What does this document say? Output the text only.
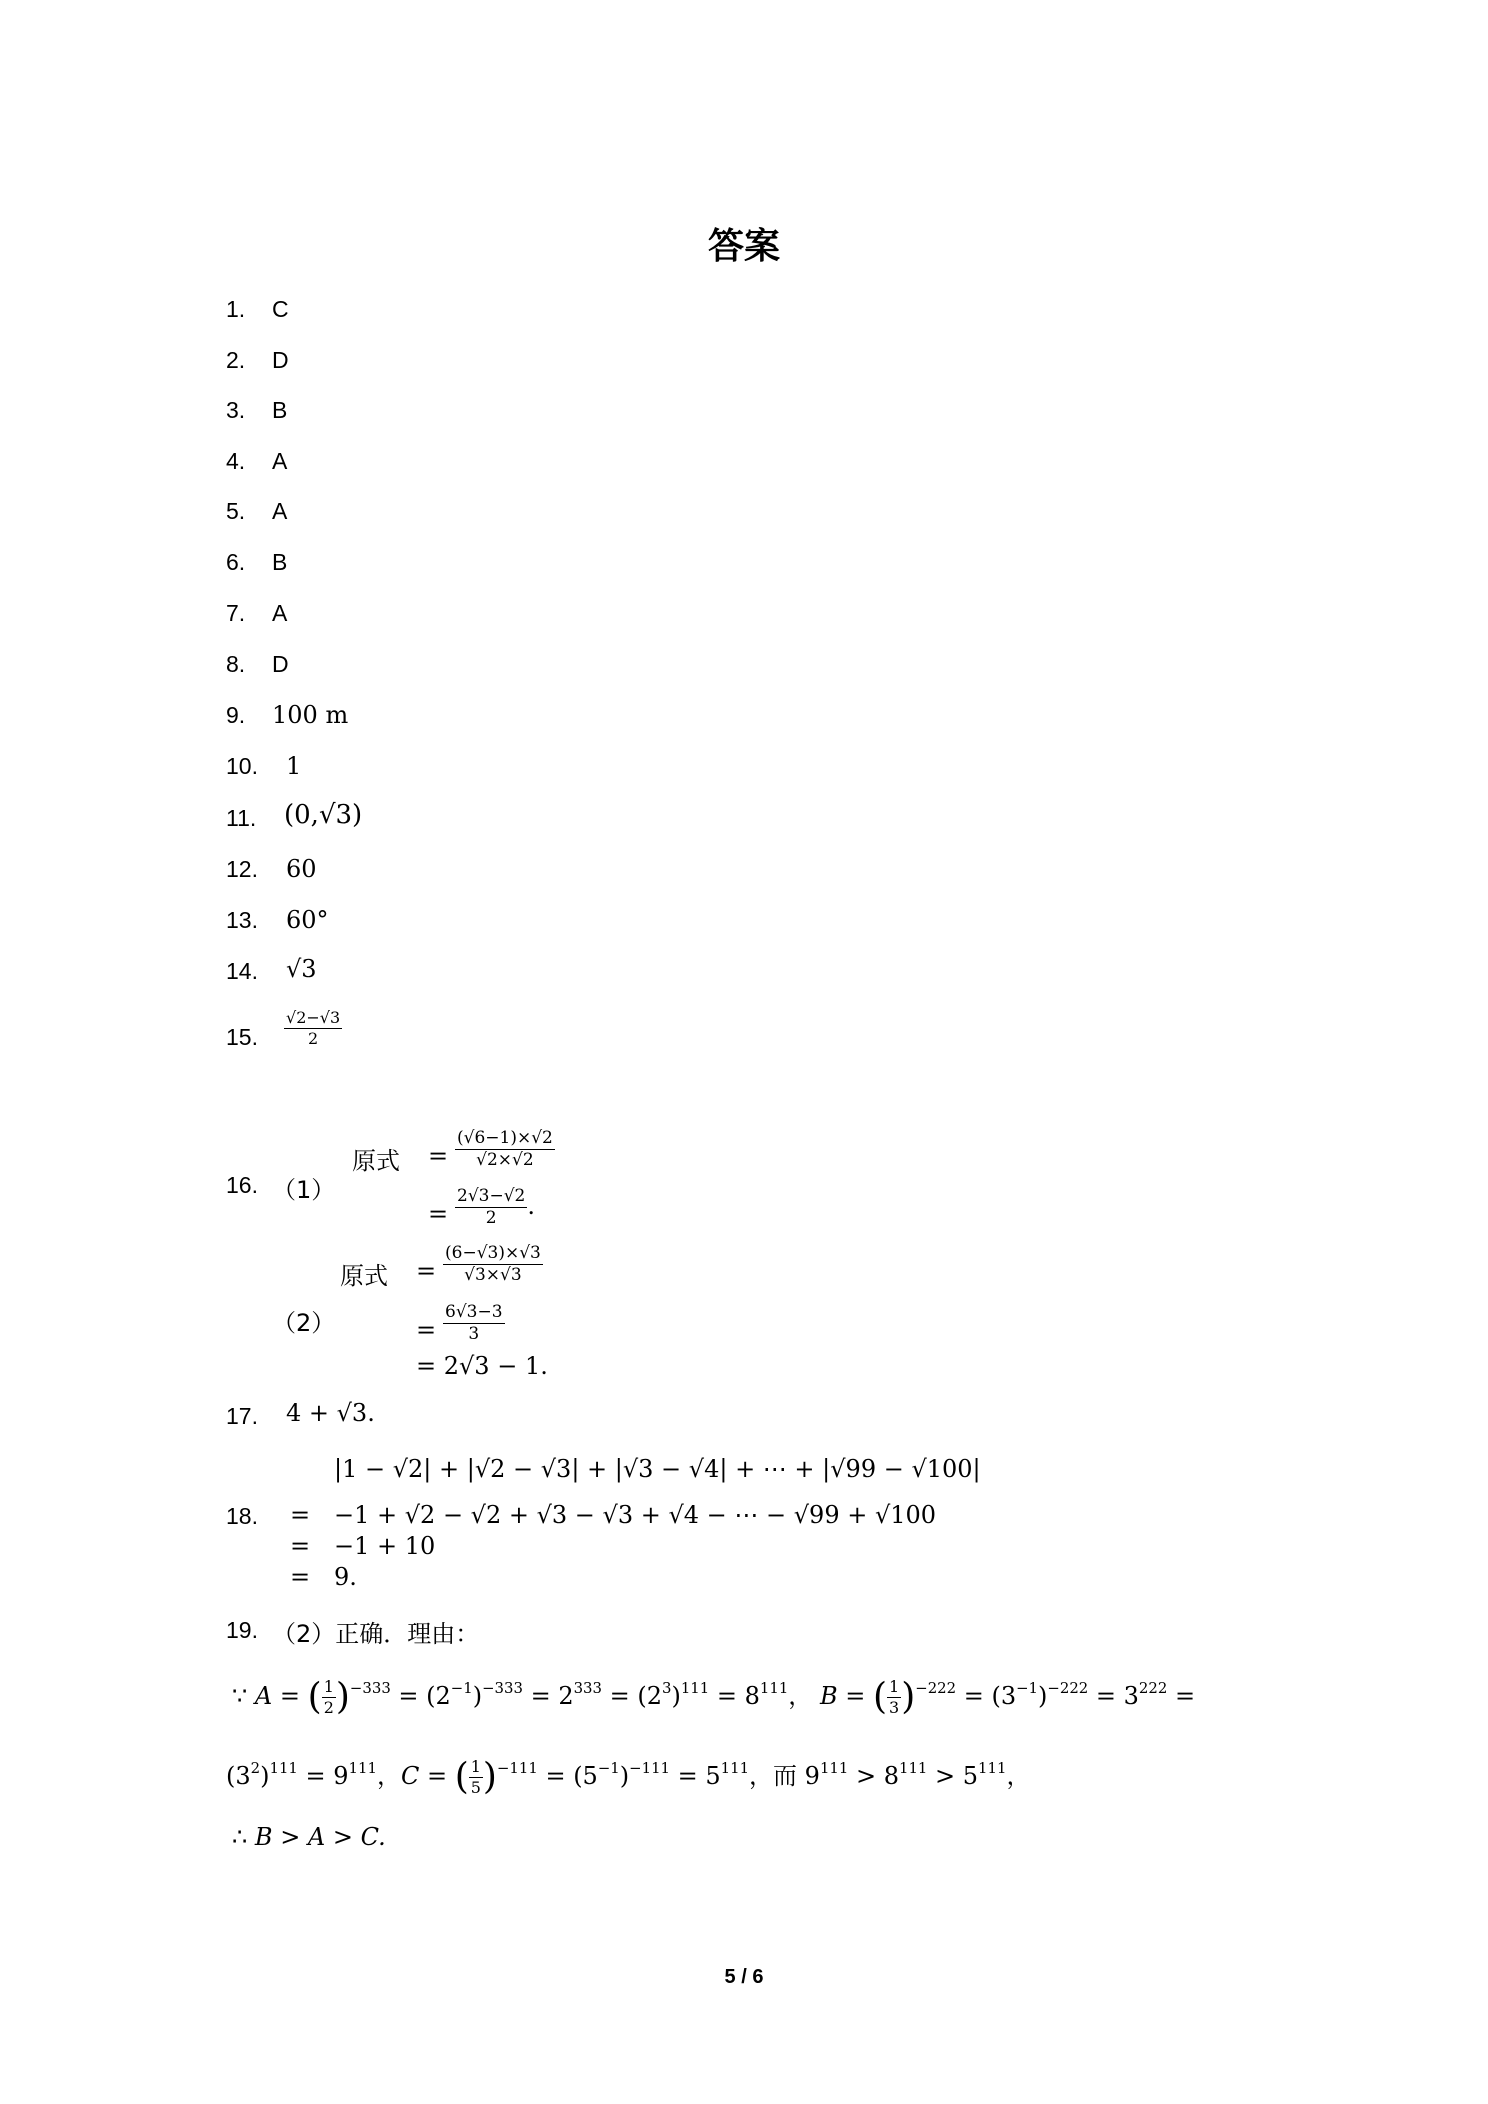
答案
1. C
2. D
3. B
4. A
5. A
6. B
7. A
8. D
9. 100 m
10. 1
11. (0,√3)
12. 60
13. 60°
14. √3
15. $\frac{√2-√3}{2}$
16. （1）
原式 = $\frac{(√6-1)\times√2}{√2\times√2}$
= $\frac{2√3-√2}{2}$ .
原式 = $\frac{(6-√3)\times√3}{√3\times√3}$
（2）	= $\frac{6√3-3}{3}$
= 2√3 − 1.
17. 4 + √3.
|1 − √2| + |√2 − √3| + |√3 − √4| + ⋯ + |√99 − √100|
18. = −1 + √2 − √2 + √3 − √3 + √4 − ⋯ − √99 + √100
= −1 + 10
= 9.
19. （2）正确．理由：
∵ A = ( $\frac{1}{2} )^{-333} = (2^{-1})^{-333} = 2^{333} = (2^3)^{111} = 8^{111}$， B = ( $\frac{1}{3} )^{-222} = (3^{-1})^{-222} = 3^{222}$ =
$(3^2)^{111} = 9^{111}$，C = ( $\frac{1}{5} )^{-111} = (5^{-1})^{-111} = 5^{111}$，而 $9^{111} > 8^{111} > 5^{111}$，
∴ B > A > C.
5 / 6
